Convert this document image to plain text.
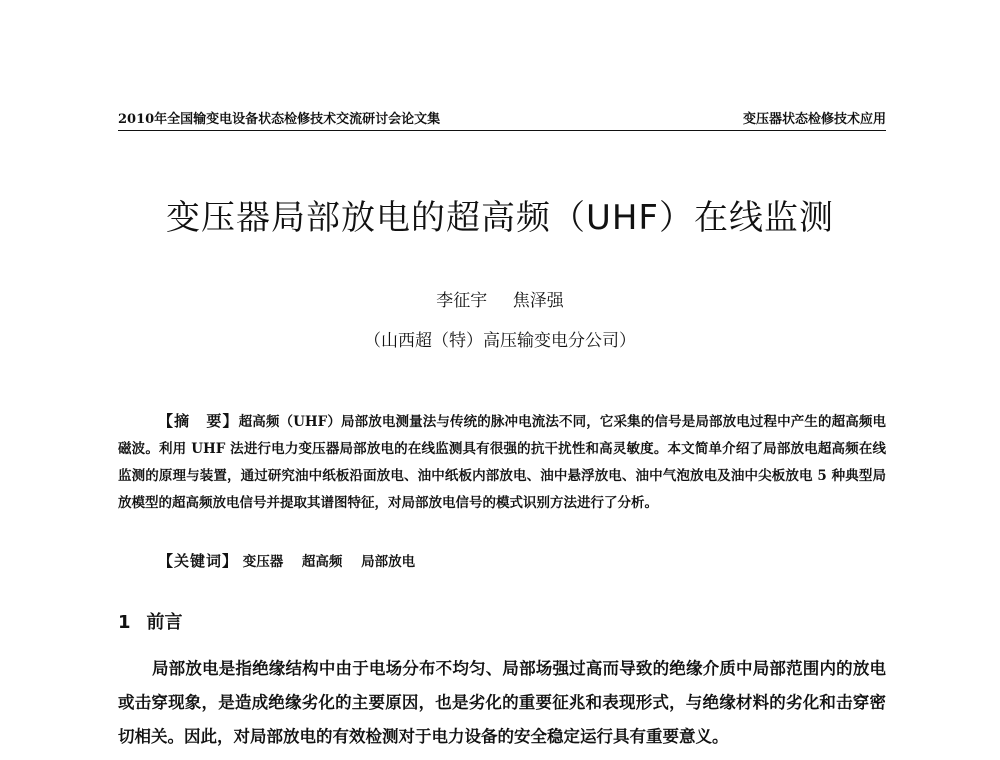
2010年全国输变电设备状态检修技术交流研讨会论文集	变压器状态检修技术应用
变压器局部放电的超高频（UHF）在线监测
李征宇 焦泽强
（山西超（特）高压输变电分公司）
【摘　要】超高频（UHF）局部放电测量法与传统的脉冲电流法不同，它采集的信号是局部放电过程中产生的超高频电磁波。利用 UHF 法进行电力变压器局部放电的在线监测具有很强的抗干扰性和高灵敏度。本文简单介绍了局部放电超高频在线监测的原理与装置，通过研究油中纸板沿面放电、油中纸板内部放电、油中悬浮放电、油中气泡放电及油中尖板放电 5 种典型局放模型的超高频放电信号并提取其谱图特征，对局部放电信号的模式识别方法进行了分析。
【关键词】 变压器 超高频 局部放电
1 前言
局部放电是指绝缘结构中由于电场分布不均匀、局部场强过高而导致的绝缘介质中局部范围内的放电或击穿现象，是造成绝缘劣化的主要原因，也是劣化的重要征兆和表现形式，与绝缘材料的劣化和击穿密切相关。因此，对局部放电的有效检测对于电力设备的安全稳定运行具有重要意义。
